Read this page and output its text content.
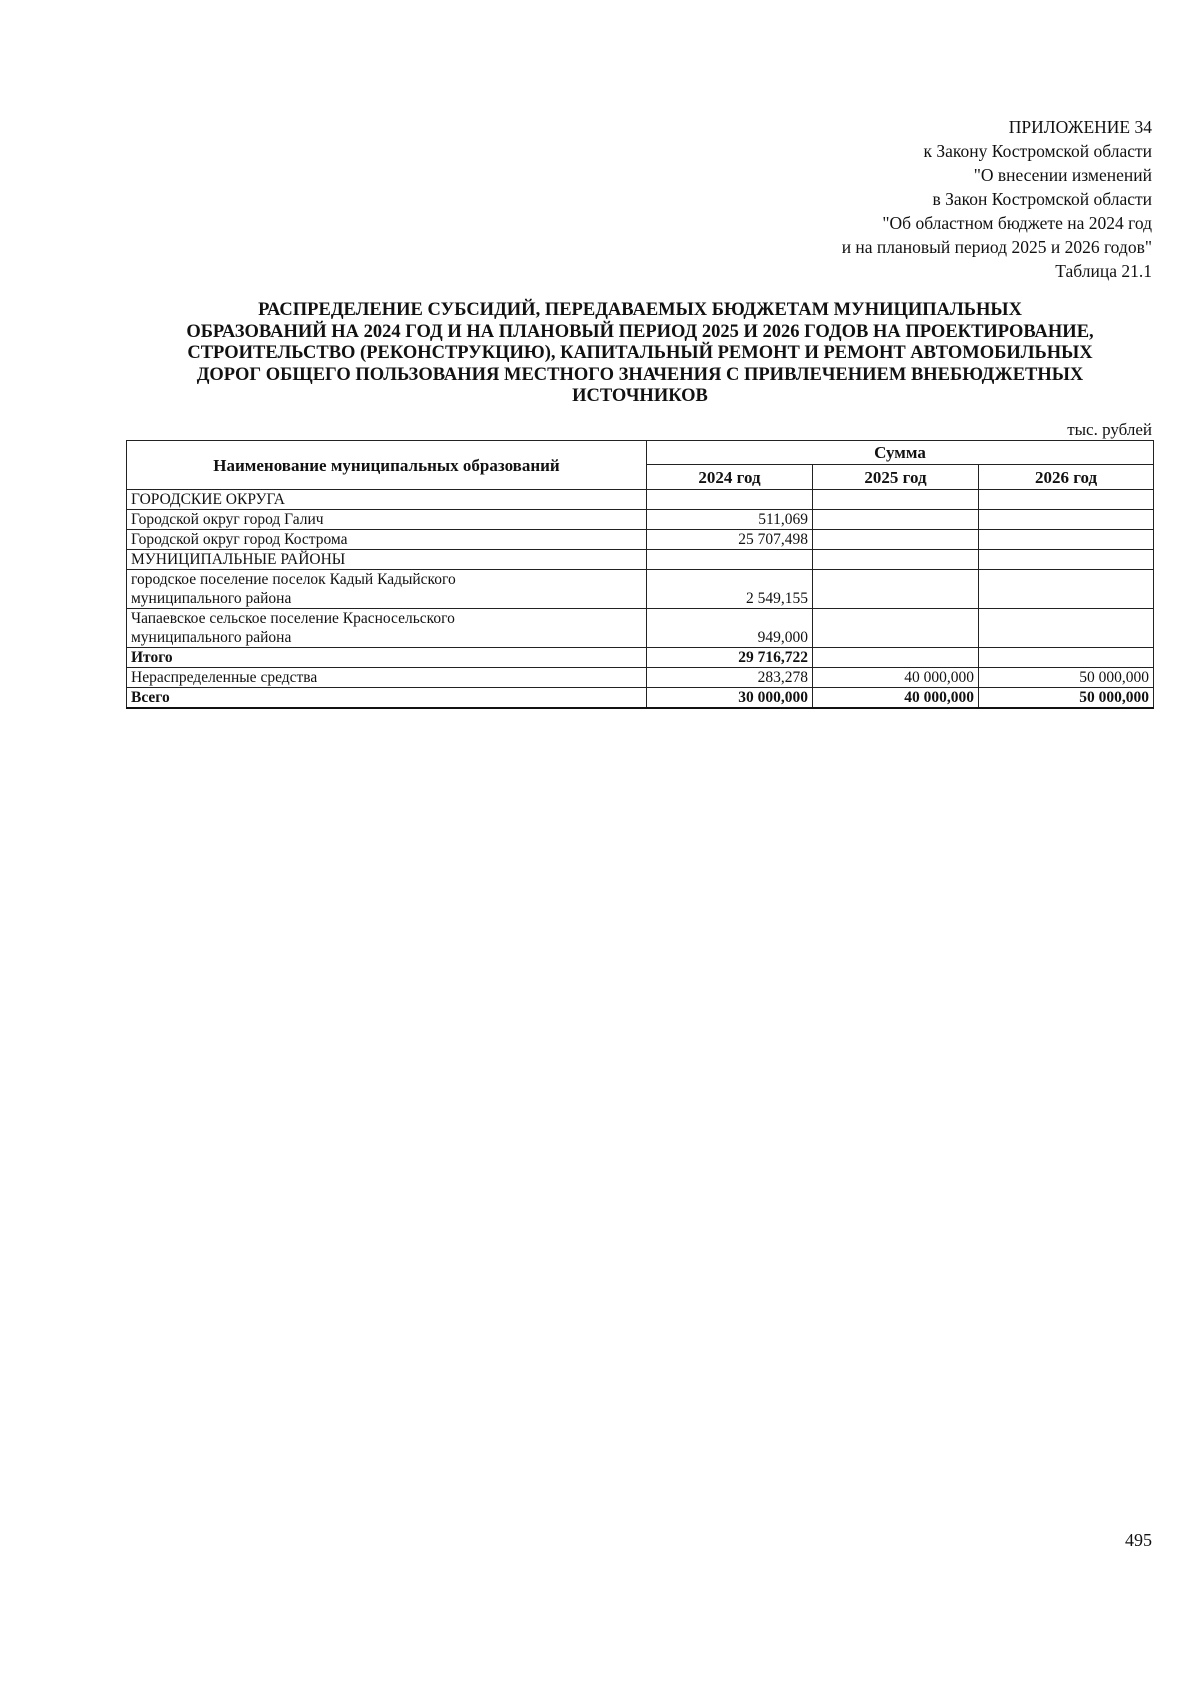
ПРИЛОЖЕНИЕ 34
к Закону Костромской области
"О внесении изменений
в Закон Костромской области
"Об областном бюджете на 2024 год
и на плановый период 2025 и 2026 годов"
Таблица 21.1
РАСПРЕДЕЛЕНИЕ СУБСИДИЙ, ПЕРЕДАВАЕМЫХ БЮДЖЕТАМ МУНИЦИПАЛЬНЫХ
ОБРАЗОВАНИЙ НА 2024 ГОД И НА ПЛАНОВЫЙ ПЕРИОД 2025 И 2026 ГОДОВ НА ПРОЕКТИРОВАНИЕ,
СТРОИТЕЛЬСТВО (РЕКОНСТРУКЦИЮ), КАПИТАЛЬНЫЙ РЕМОНТ И РЕМОНТ АВТОМОБИЛЬНЫХ
ДОРОГ ОБЩЕГО ПОЛЬЗОВАНИЯ МЕСТНОГО ЗНАЧЕНИЯ С ПРИВЛЕЧЕНИЕМ ВНЕБЮДЖЕТНЫХ
ИСТОЧНИКОВ
тыс. рублей
Наименование муниципальных образований	Сумма		
	2024 год	2025 год	2026 год

ГОРОДСКИЕ ОКРУГА			

Городской округ город Галич	511,069		

Городской округ город Кострома	25 707,498		

МУНИЦИПАЛЬНЫЕ РАЙОНЫ			

городское поселение поселок Кадый Кадыйского
муниципального района	2 549,155		

Чапаевское сельское поселение Красносельского
муниципального района	949,000		

Итого	29 716,722		

Нераспределенные средства	283,278	40 000,000	50 000,000

Всего	30 000,000	40 000,000	50 000,000
495
